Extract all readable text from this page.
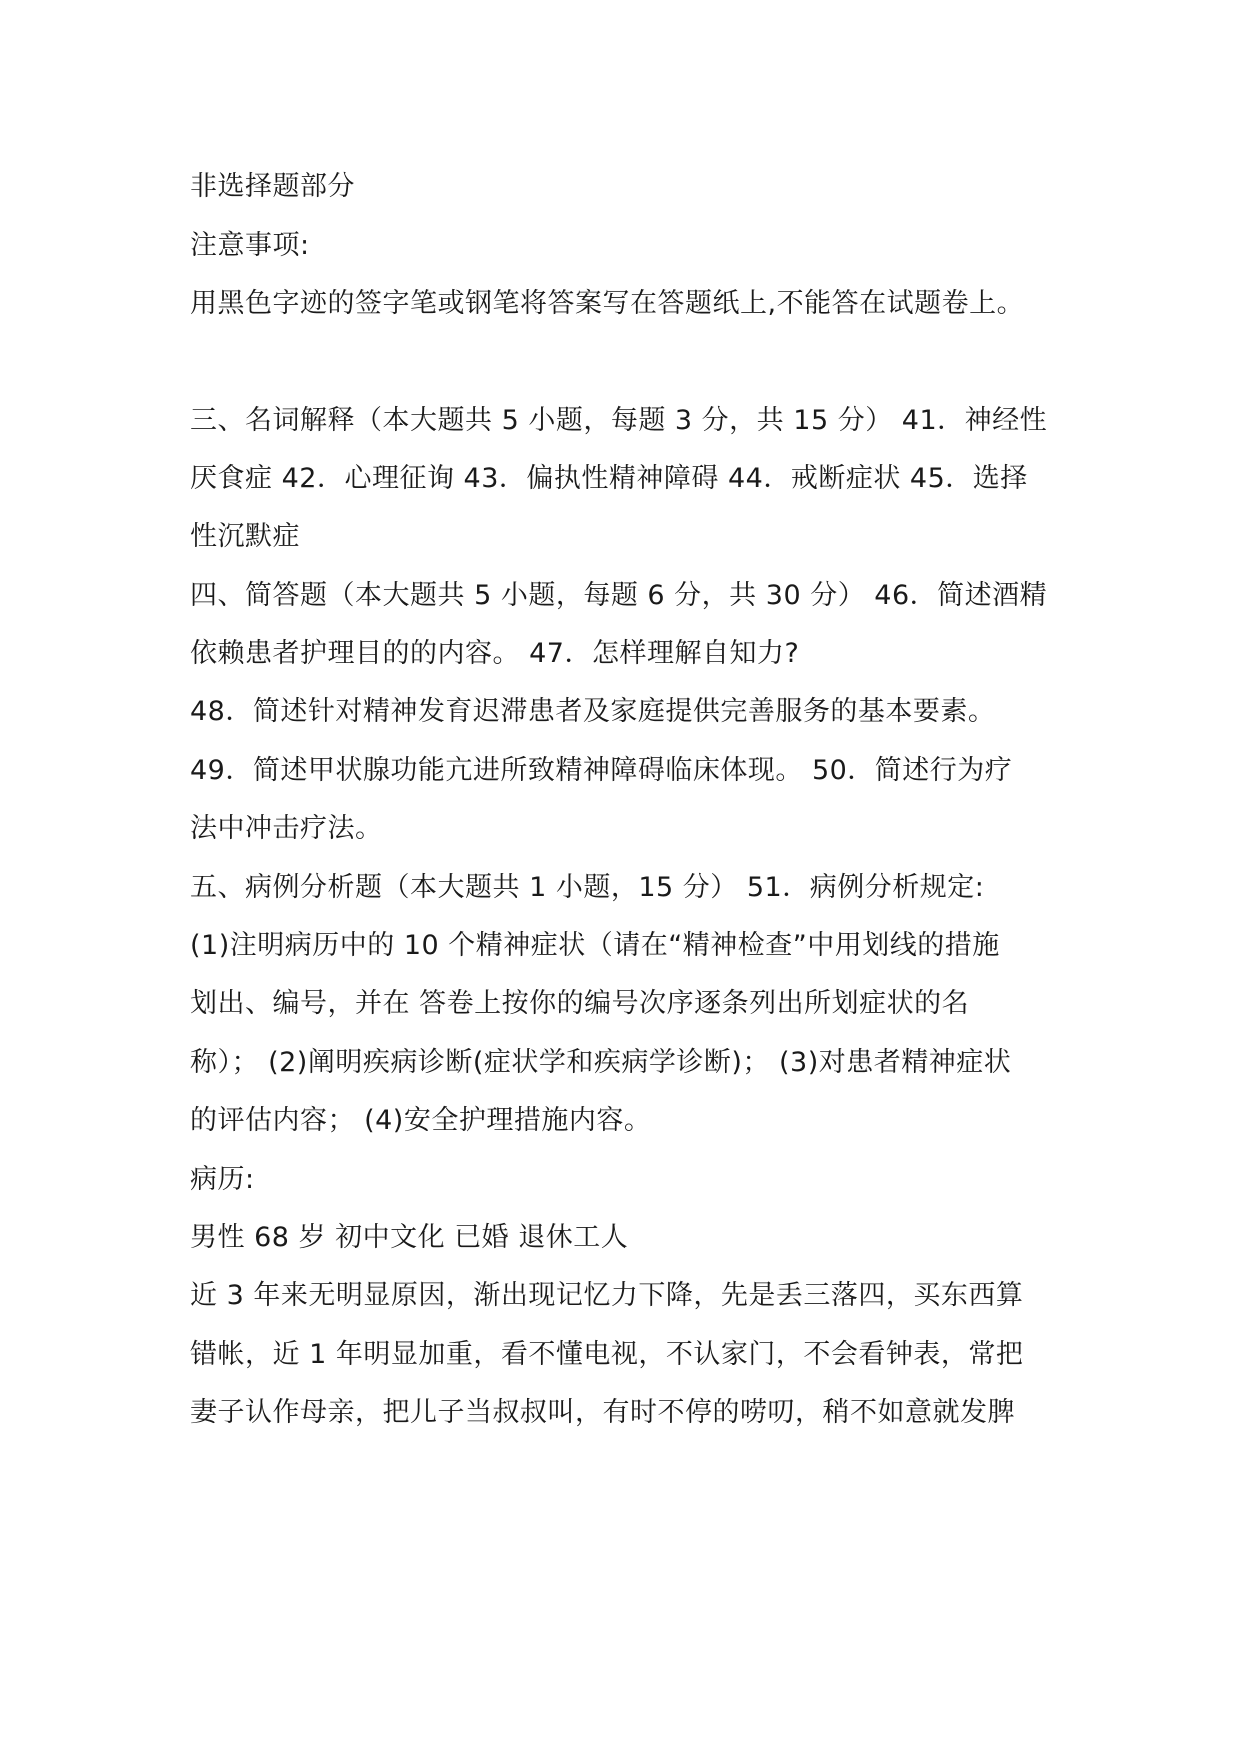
非选择题部分
注意事项:
用黑色字迹的签字笔或钢笔将答案写在答题纸上,不能答在试题卷上。
三、名词解释（本大题共 5 小题，每题 3 分，共 15 分） 41．神经性
厌食症 42．心理征询 43．偏执性精神障碍 44．戒断症状 45．选择
性沉默症
四、简答题（本大题共 5 小题，每题 6 分，共 30 分） 46．简述酒精
依赖患者护理目的的内容。 47．怎样理解自知力?
48．简述针对精神发育迟滞患者及家庭提供完善服务的基本要素。
49．简述甲状腺功能亢进所致精神障碍临床体现。 50．简述行为疗
法中冲击疗法。
五、病例分析题（本大题共 1 小题，15 分） 51．病例分析规定:
(1)注明病历中的 10 个精神症状（请在“精神检查”中用划线的措施
划出、编号，并在 答卷上按你的编号次序逐条列出所划症状的名
称）； (2)阐明疾病诊断(症状学和疾病学诊断)； (3)对患者精神症状
的评估内容； (4)安全护理措施内容。
病历:
男性 68 岁 初中文化 已婚 退休工人
近 3 年来无明显原因，渐出现记忆力下降，先是丢三落四，买东西算
错帐，近 1 年明显加重，看不懂电视，不认家门，不会看钟表，常把
妻子认作母亲，把儿子当叔叔叫，有时不停的唠叨，稍不如意就发脾
